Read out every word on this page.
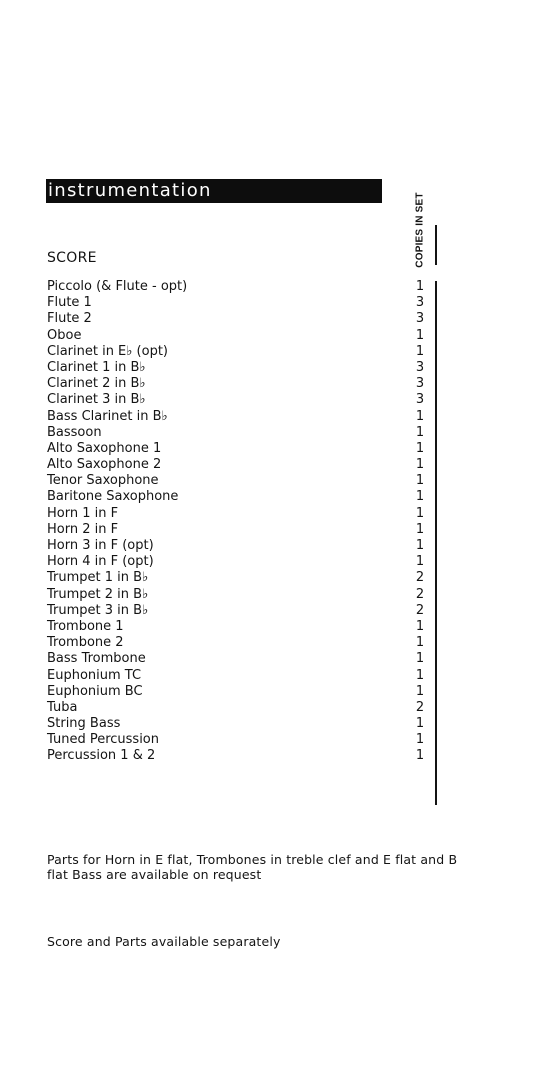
instrumentation
COPIES IN SET
SCORE
Piccolo (& Flute - opt)	1
Flute 1	3
Flute 2	3
Oboe	1
Clarinet in E♭ (opt)	1
Clarinet 1 in B♭	3
Clarinet 2 in B♭	3
Clarinet 3 in B♭	3
Bass Clarinet in B♭	1
Bassoon	1
Alto Saxophone 1	1
Alto Saxophone 2	1
Tenor Saxophone	1
Baritone Saxophone	1
Horn 1 in F	1
Horn 2 in F	1
Horn 3 in F (opt)	1
Horn 4 in F (opt)	1
Trumpet 1 in B♭	2
Trumpet 2 in B♭	2
Trumpet 3 in B♭	2
Trombone 1	1
Trombone 2	1
Bass Trombone	1
Euphonium TC	1
Euphonium BC	1
Tuba	2
String Bass	1
Tuned Percussion	1
Percussion 1 & 2	1

Parts for Horn in E flat, Trombones in treble clef and E flat and B flat Bass are available on request

Score and Parts available separately
